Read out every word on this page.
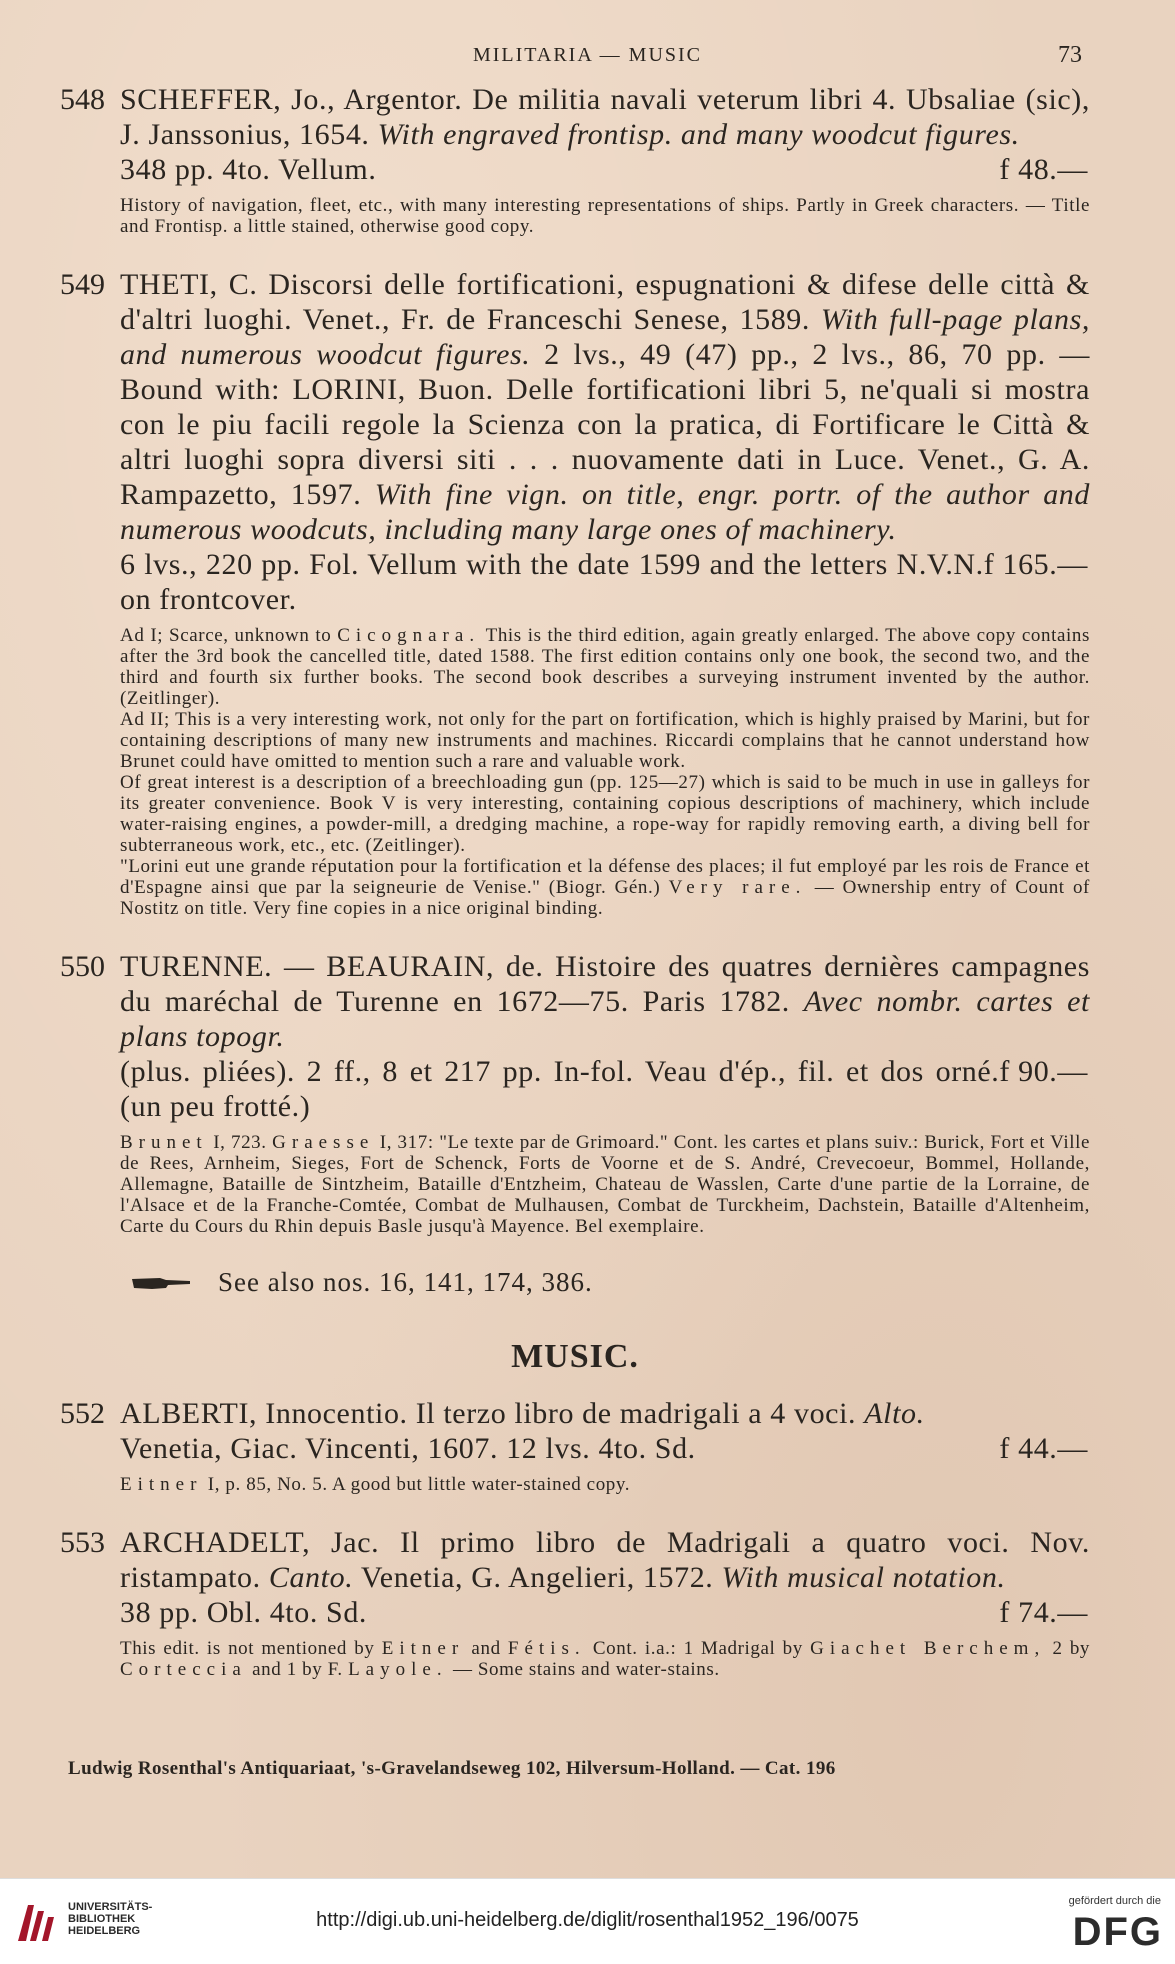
MILITARIA — MUSIC	73
548 SCHEFFER, Jo., Argentor. De militia navali veterum libri 4. Ubsaliae (sic), J. Janssonius, 1654. With engraved frontisp. and many woodcut figures.
348 pp. 4to. Vellum.	f 48.—
History of navigation, fleet, etc., with many interesting representations of ships. Partly in Greek characters. — Title and Frontisp. a little stained, otherwise good copy.
549 THETI, C. Discorsi delle fortificationi, espugnationi & difese delle città & d'altri luoghi. Venet., Fr. de Franceschi Senese, 1589. With full-page plans, and numerous woodcut figures. 2 lvs., 49 (47) pp., 2 lvs., 86, 70 pp. — Bound with: LORINI, Buon. Delle fortificationi libri 5, ne'quali si mostra con le piu facili regole la Scienza con la pratica, di Fortificare le Città & altri luoghi sopra diversi siti . . . nuovamente dati in Luce. Venet., G. A. Rampazetto, 1597. With fine vign. on title, engr. portr. of the author and numerous woodcuts, including many large ones of machinery.
6 lvs., 220 pp. Fol. Vellum with the date 1599 and the letters N.V.N. on frontcover.
f 165.—
Ad I; Scarce, unknown to Cicognara. This is the third edition, again greatly enlarged. The above copy contains after the 3rd book the cancelled title, dated 1588. The first edition contains only one book, the second two, and the third and fourth six further books. The second book describes a surveying instrument invented by the author. (Zeitlinger).
Ad II; This is a very interesting work, not only for the part on fortification, which is highly praised by Marini, but for containing descriptions of many new instruments and machines. Riccardi complains that he cannot understand how Brunet could have omitted to mention such a rare and valuable work.
Of great interest is a description of a breechloading gun (pp. 125—27) which is said to be much in use in galleys for its greater convenience. Book V is very interesting, containing copious descriptions of machinery, which include water-raising engines, a powder-mill, a dredging machine, a rope-way for rapidly removing earth, a diving bell for subterraneous work, etc., etc. (Zeitlinger).
"Lorini eut une grande réputation pour la fortification et la défense des places; il fut employé par les rois de France et d'Espagne ainsi que par la seigneurie de Venise." (Biogr. Gén.) Very rare. — Ownership entry of Count of Nostitz on title. Very fine copies in a nice original binding.
550 TURENNE. — BEAURAIN, de. Histoire des quatres dernières campagnes du maréchal de Turenne en 1672—75. Paris 1782. Avec nombr. cartes et plans topogr.
(plus. pliées). 2 ff., 8 et 217 pp. In-fol. Veau d'ép., fil. et dos orné. (un peu frotté.)
f 90.—
Brunet I, 723. Graesse I, 317: "Le texte par de Grimoard." Cont. les cartes et plans suiv.: Burick, Fort et Ville de Rees, Arnheim, Sieges, Fort de Schenck, Forts de Voorne et de S. André, Crevecoeur, Bommel, Hollande, Allemagne, Bataille de Sintzheim, Bataille d'Entzheim, Chateau de Wasslen, Carte d'une partie de la Lorraine, de l'Alsace et de la Franche-Comtée, Combat de Mulhausen, Combat de Turckheim, Dachstein, Bataille d'Altenheim, Carte du Cours du Rhin depuis Basle jusqu'à Mayence. Bel exemplaire.
See also nos. 16, 141, 174, 386.
MUSIC.
552 ALBERTI, Innocentio. Il terzo libro de madrigali a 4 voci. Alto.
Venetia, Giac. Vincenti, 1607. 12 lvs. 4to. Sd.	f 44.—
Eitner I, p. 85, No. 5. A good but little water-stained copy.
553 ARCHADELT, Jac. Il primo libro de Madrigali a quatro voci. Nov. ristampato. Canto. Venetia, G. Angelieri, 1572. With musical notation.
38 pp. Obl. 4to. Sd.	f 74.—
This edit. is not mentioned by Eitner and Fétis. Cont. i.a.: 1 Madrigal by Giachet Berchem, 2 by Corteccia and 1 by F. Layole. — Some stains and water-stains.
Ludwig Rosenthal's Antiquariaat, 's-Gravelandseweg 102, Hilversum-Holland. — Cat. 196
UNIVERSITÄTS-
BIBLIOTHEK
HEIDELBERG	http://digi.ub.uni-heidelberg.de/diglit/rosenthal1952_196/0075
gefördert durch die
DFG
